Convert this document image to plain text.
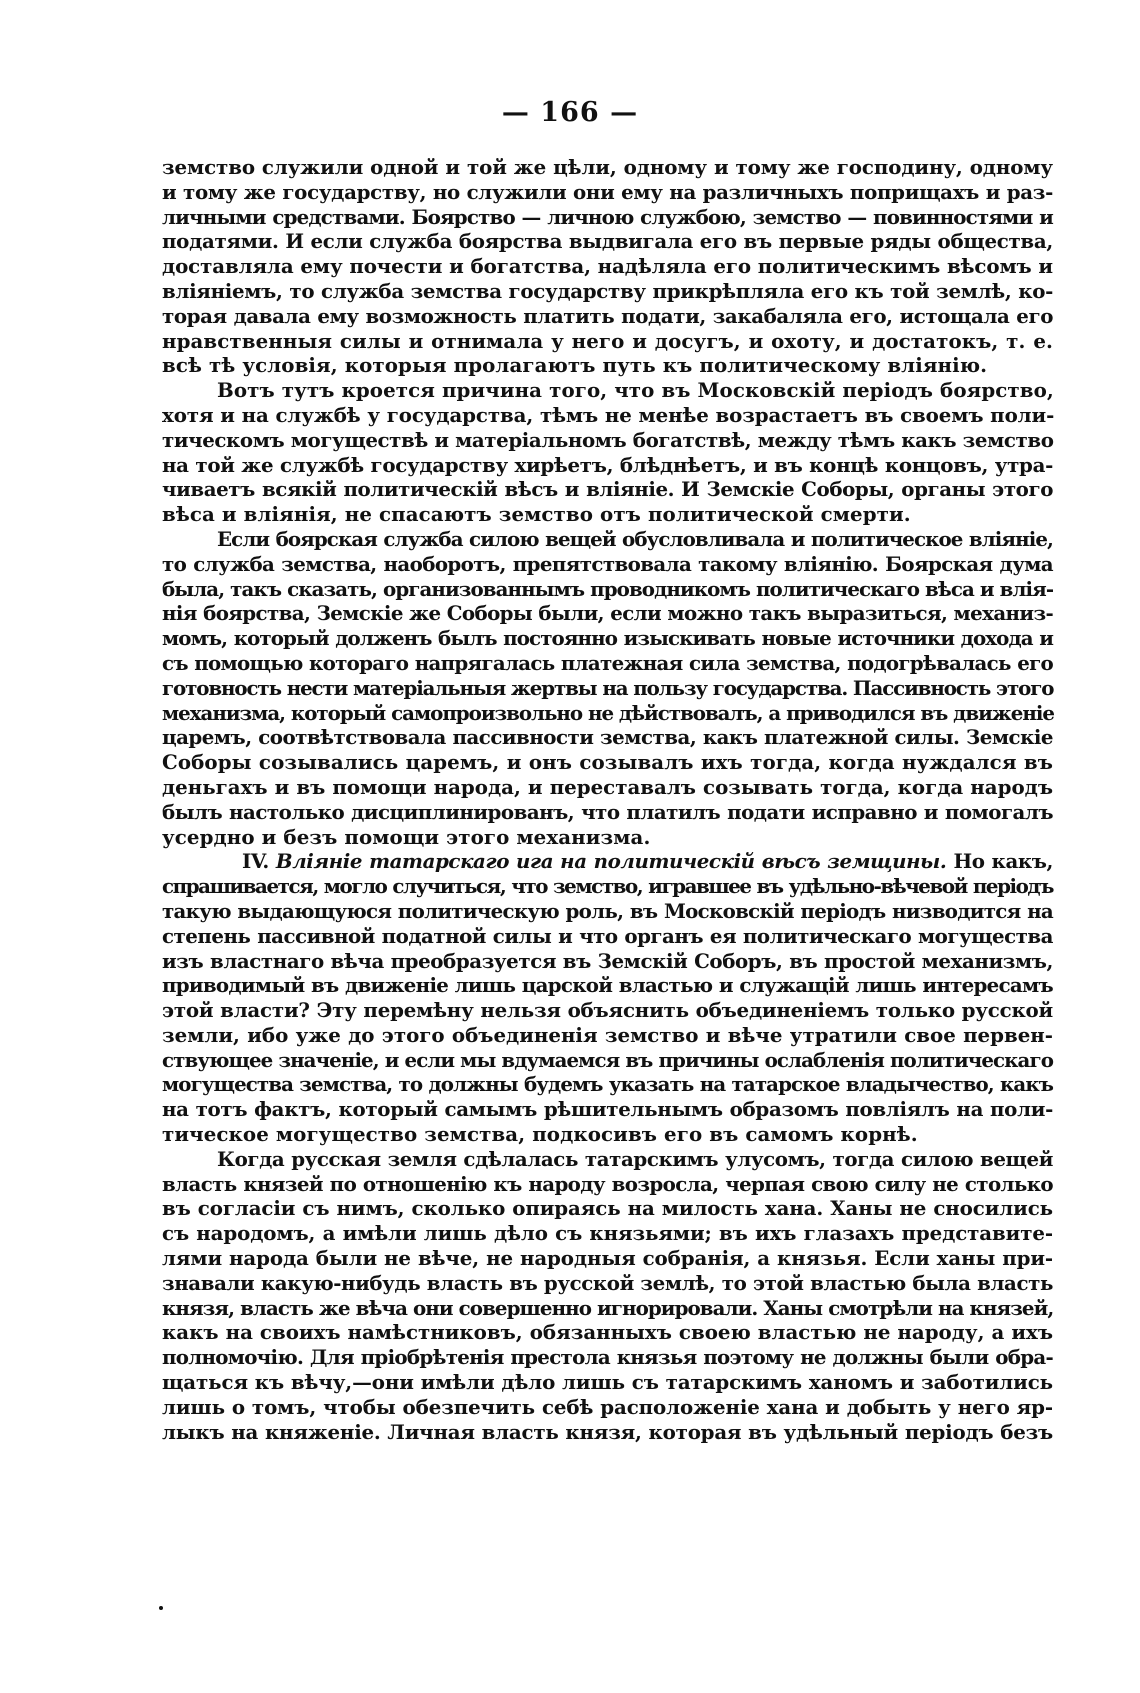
— 166 —
земство служили одной и той же цѣли, одному и тому же господину, одному
и тому же государству, но служили они ему на различныхъ поприщахъ и раз-
личными средствами. Боярство — личною службою, земство — повинностями и
податями. И если служба боярства выдвигала его въ первые ряды общества,
доставляла ему почести и богатства, надѣляла его политическимъ вѣсомъ и
вліяніемъ, то служба земства государству прикрѣпляла его къ той землѣ, ко-
торая давала ему возможность платить подати, закабаляла его, истощала его
нравственныя силы и отнимала у него и досугъ, и охоту, и достатокъ, т. е.
всѣ тѣ условія, которыя пролагаютъ путь къ политическому вліянію.
Вотъ тутъ кроется причина того, что въ Московскій періодъ боярство,
хотя и на службѣ у государства, тѣмъ не менѣе возрастаетъ въ своемъ поли-
тическомъ могуществѣ и матеріальномъ богатствѣ, между тѣмъ какъ земство
на той же службѣ государству хирѣетъ, блѣднѣетъ, и въ концѣ концовъ, утра-
чиваетъ всякій политическій вѣсъ и вліяніе. И Земскіе Соборы, органы этого
вѣса и вліянія, не спасаютъ земство отъ политической смерти.
Если боярская служба силою вещей обусловливала и политическое вліяніе,
то служба земства, наоборотъ, препятствовала такому вліянію. Боярская дума
была, такъ сказать, организованнымъ проводникомъ политическаго вѣса и влія-
нія боярства, Земскіе же Соборы были, если можно такъ выразиться, механиз-
момъ, который долженъ былъ постоянно изыскивать новые источники дохода и
съ помощью котораго напрягалась платежная сила земства, подогрѣвалась его
готовность нести матеріальныя жертвы на пользу государства. Пассивность этого
механизма, который самопроизвольно не дѣйствовалъ, а приводился въ движеніе
царемъ, соотвѣтствовала пассивности земства, какъ платежной силы. Земскіе
Соборы созывались царемъ, и онъ созывалъ ихъ тогда, когда нуждался въ
деньгахъ и въ помощи народа, и переставалъ созывать тогда, когда народъ
былъ настолько дисциплинированъ, что платилъ подати исправно и помогалъ
усердно и безъ помощи этого механизма.
IV. Вліяніе татарскаго ига на политическій вѣсъ земщины. Но какъ,
спрашивается, могло случиться, что земство, игравшее въ удѣльно-вѣчевой періодъ
такую выдающуюся политическую роль, въ Московскій періодъ низводится на
степень пассивной податной силы и что органъ ея политическаго могущества
изъ властнаго вѣча преобразуется въ Земскій Соборъ, въ простой механизмъ,
приводимый въ движеніе лишь царской властью и служащій лишь интересамъ
этой власти? Эту перемѣну нельзя объяснить объединеніемъ только русской
земли, ибо уже до этого объединенія земство и вѣче утратили свое первен-
ствующее значеніе, и если мы вдумаемся въ причины ослабленія политическаго
могущества земства, то должны будемъ указать на татарское владычество, какъ
на тотъ фактъ, который самымъ рѣшительнымъ образомъ повліялъ на поли-
тическое могущество земства, подкосивъ его въ самомъ корнѣ.
Когда русская земля сдѣлалась татарскимъ улусомъ, тогда силою вещей
власть князей по отношенію къ народу возросла, черпая свою силу не столько
въ согласіи съ нимъ, сколько опираясь на милость хана. Ханы не сносились
съ народомъ, а имѣли лишь дѣло съ князьями; въ ихъ глазахъ представите-
лями народа были не вѣче, не народныя собранія, а князья. Если ханы при-
знавали какую-нибудь власть въ русской землѣ, то этой властью была власть
князя, власть же вѣча они совершенно игнорировали. Ханы смотрѣли на князей,
какъ на своихъ намѣстниковъ, обязанныхъ своею властью не народу, а ихъ
полномочію. Для пріобрѣтенія престола князья поэтому не должны были обра-
щаться къ вѣчу,—они имѣли дѣло лишь съ татарскимъ ханомъ и заботились
лишь о томъ, чтобы обезпечить себѣ расположеніе хана и добыть у него яр-
лыкъ на княженіе. Личная власть князя, которая въ удѣльный періодъ безъ
